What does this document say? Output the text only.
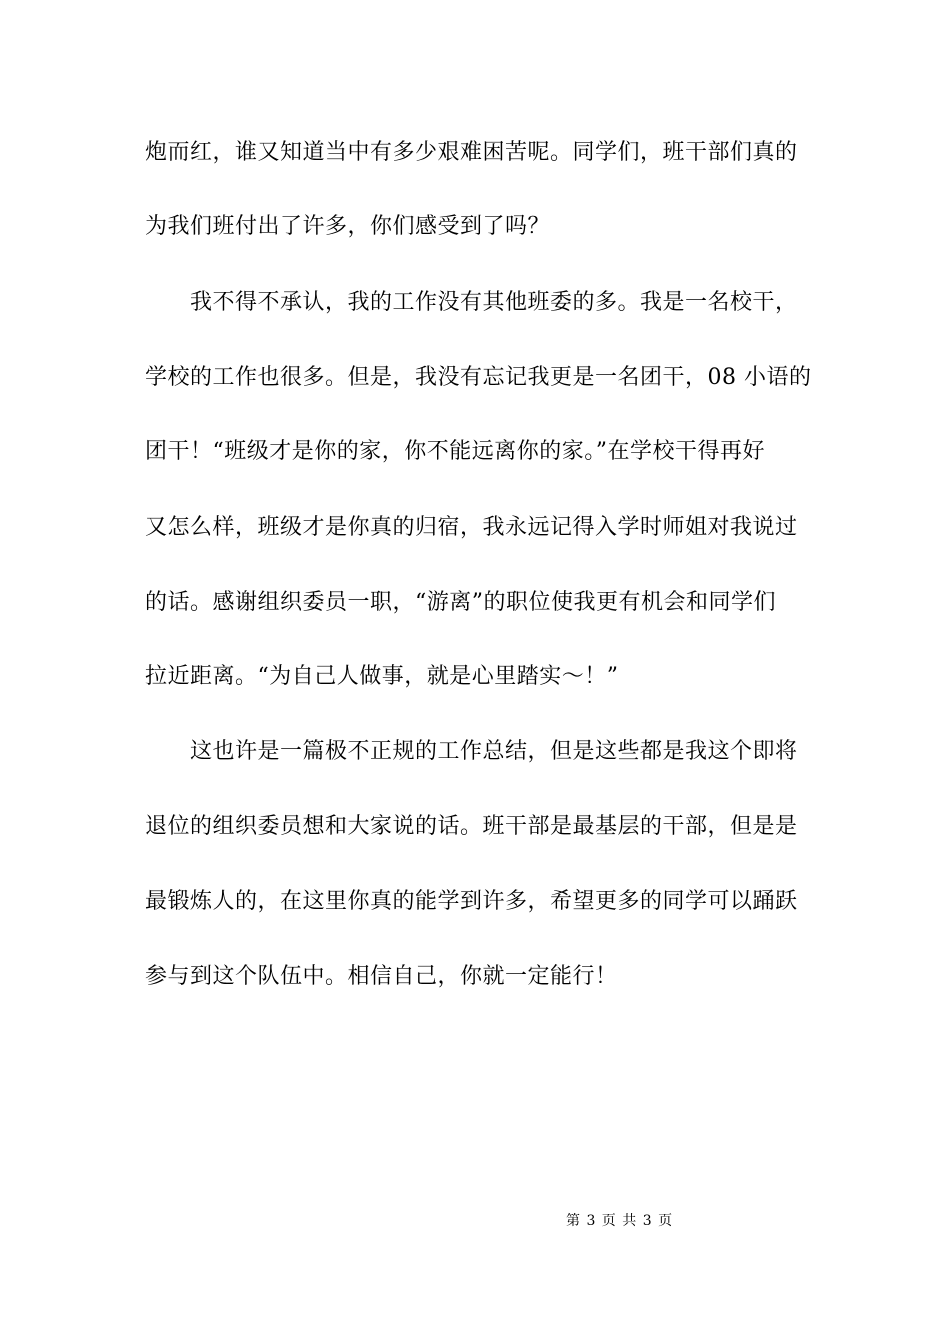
炮而红，谁又知道当中有多少艰难困苦呢。同学们，班干部们真的
为我们班付出了许多，你们感受到了吗？
我不得不承认，我的工作没有其他班委的多。我是一名校干，
学校的工作也很多。但是，我没有忘记我更是一名团干，08 小语的
团干！“班级才是你的家，你不能远离你的家。”在学校干得再好
又怎么样，班级才是你真的归宿，我永远记得入学时师姐对我说过
的话。感谢组织委员一职，“游离”的职位使我更有机会和同学们
拉近距离。“为自己人做事，就是心里踏实～！”
这也许是一篇极不正规的工作总结，但是这些都是我这个即将
退位的组织委员想和大家说的话。班干部是最基层的干部，但是是
最锻炼人的，在这里你真的能学到许多，希望更多的同学可以踊跃
参与到这个队伍中。相信自己，你就一定能行！
第 3 页 共 3 页
